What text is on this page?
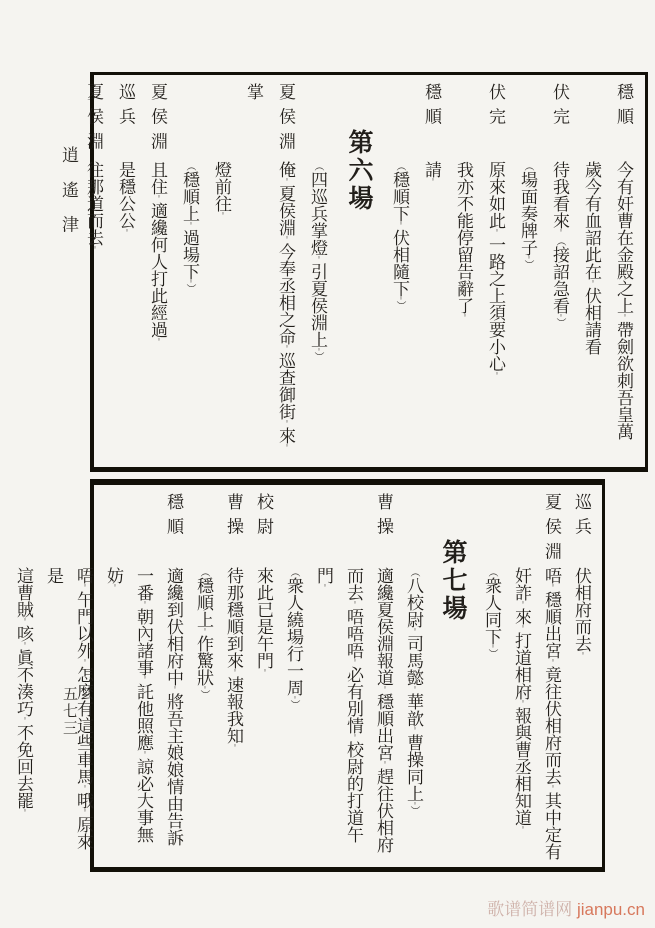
逍遙津
五七三
穩順今有奸曹在金殿之上。帶劍欲刺吾皇萬
歲今有血詔此在。伏相請看
伏完待我看來。︵接詔急看。︶
︵場面奏牌子。︶
伏完原來如此。一路之上須要小心。
我亦不能停留告辭了。
穩順請。
︵穩順下。伏相隨下。︶
第六場
︵四巡兵掌燈。引夏侯淵上。︶
夏侯淵俺。夏侯淵。今奉丞相之命。巡查御街。來。掌
燈前往。
︵穩順上。過場下。︶
夏侯淵且住。適纔何人打此經過。
巡兵是穩公公。
夏侯淵往那道而去。
巡兵伏相府而去。
夏侯淵唔。穩順出宮。竟往伏相府而去。其中定有
奸詐。來。打道相府。報與曹丞相知道。
︵衆人同下。︶
第七場
︵八校尉。司馬懿。華歆。曹操同上。︶
曹操適纔夏侯淵報道。穩順出宮。趕往伏相府
而去。唔唔唔。必有別情。校尉的打道午門。
︵衆人繞場行一周。︶
校尉來此已是午門。
曹操待那穩順到來。速報我知。
︵穩順上。作驚狀。︶
穩順適纔到伏相府中。將吾主娘娘情由告訴
一番。朝內諸事。託他照應。諒必大事無妨。
唔。午門以外。怎麼有這些車馬。哦。原來是
這曹賊。咳。眞不湊巧。不免回去罷。
歌谱简谱网 jianpu.cn
